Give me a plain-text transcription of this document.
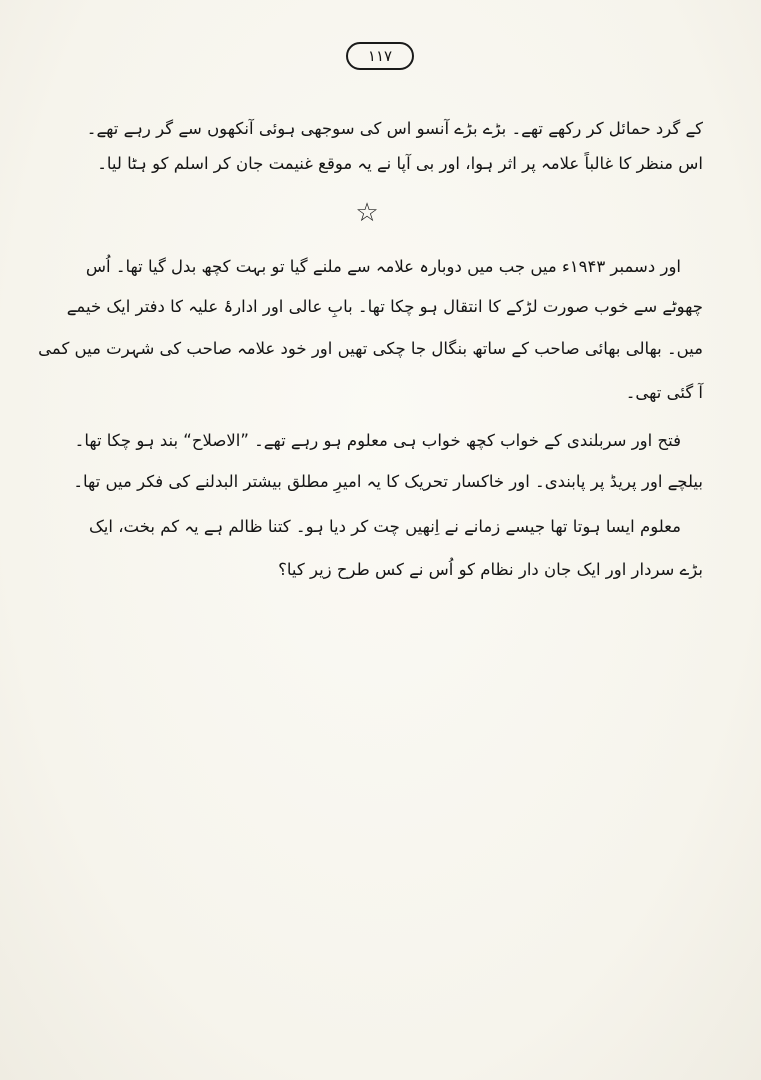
١١٧
کے گرد حمائل کر رکھے تھے۔ بڑے بڑے آنسو اس کی سوجھی ہوئی آنکھوں سے گر رہے تھے۔
اس منظر کا غالباً علامہ پر اثر ہوا، اور بی آپا نے یہ موقع غنیمت جان کر اسلم کو ہٹا لیا۔
☆
اور دسمبر ۱۹۴۳ء میں جب میں دوبارہ علامہ سے ملنے گیا تو بہت کچھ بدل گیا تھا۔ اُس
چھوٹے سے خوب صورت لڑکے کا انتقال ہو چکا تھا۔ بابِ عالی اور ادارۂ علیہ کا دفتر ایک خیمے
میں۔ بھالی بھائی صاحب کے ساتھ بنگال جا چکی تھیں اور خود علامہ صاحب کی شہرت میں کمی
آ گئی تھی۔
فتح اور سربلندی کے خواب کچھ خواب ہی معلوم ہو رہے تھے۔ ”الاصلاح“ بند ہو چکا تھا۔
بیلچے اور پریڈ پر پابندی۔ اور خاکسار تحریک کا یہ امیرِ مطلق بیشتر البدلنے کی فکر میں تھا۔
معلوم ایسا ہوتا تھا جیسے زمانے نے اِنھیں چت کر دیا ہو۔ کتنا ظالم ہے یہ کم بخت، ایک
بڑے سردار اور ایک جان دار نظام کو اُس نے کس طرح زیر کیا؟
